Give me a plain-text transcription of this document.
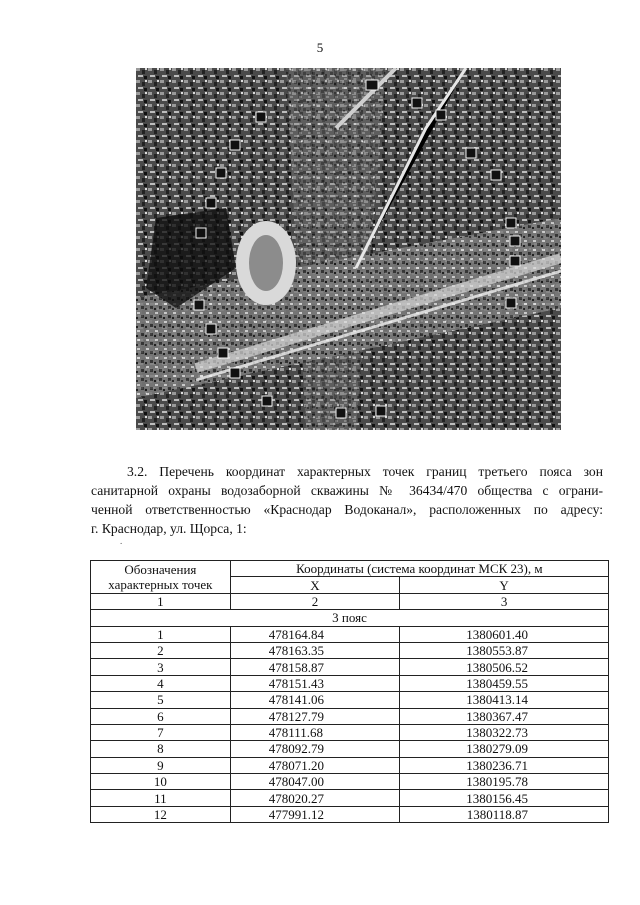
5
3.2. Перечень координат характерных точек границ третьего пояса зон
санитарной охраны водозаборной скважины № 36434/470 общества с ограни-
ченной ответственностью «Краснодар Водоканал», расположенных по адресу:
г. Краснодар, ул. Щорса, 1:
.
Обозначения характерных точек	Координаты (система координат МСК 23), м	
	X	Y
1	2	3
3 пояс		
1	478164.84	1380601.40
2	478163.35	1380553.87
3	478158.87	1380506.52
4	478151.43	1380459.55
5	478141.06	1380413.14
6	478127.79	1380367.47
7	478111.68	1380322.73
8	478092.79	1380279.09
9	478071.20	1380236.71
10	478047.00	1380195.78
11	478020.27	1380156.45
12	477991.12	1380118.87
